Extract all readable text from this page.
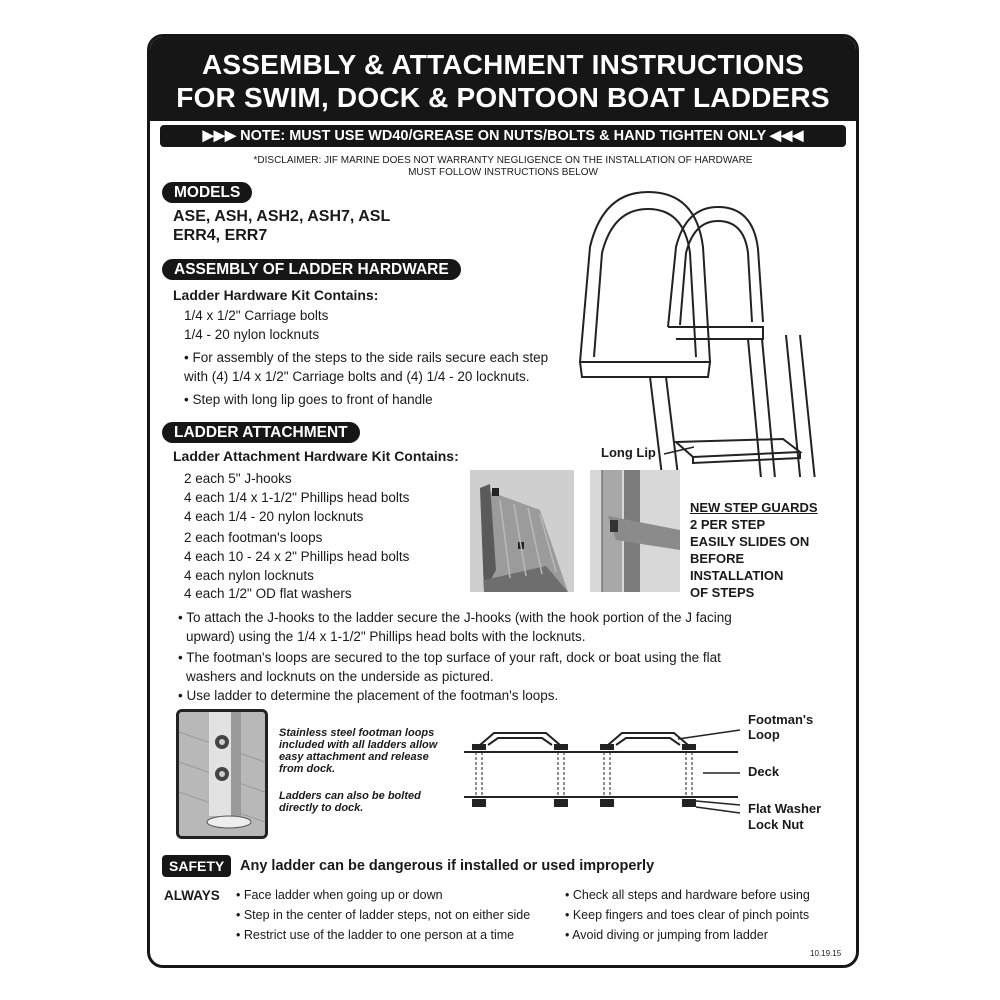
ASSEMBLY & ATTACHMENT INSTRUCTIONS
FOR SWIM, DOCK & PONTOON BOAT LADDERS
▶▶▶ NOTE: MUST USE WD40/GREASE ON NUTS/BOLTS & HAND TIGHTEN ONLY ◀◀◀
*DISCLAIMER: JIF MARINE DOES NOT WARRANTY NEGLIGENCE ON THE INSTALLATION OF HARDWARE
MUST FOLLOW INSTRUCTIONS BELOW
MODELS
ASE, ASH, ASH2, ASH7, ASL
ERR4, ERR7
ASSEMBLY OF LADDER HARDWARE
Ladder Hardware Kit Contains:
1/4 x 1/2" Carriage bolts
1/4 - 20 nylon locknuts
• For assembly of the steps to the side rails secure each step
with (4) 1/4 x 1/2" Carriage bolts and (4) 1/4 - 20 locknuts.
• Step with long lip goes to front of handle
Long Lip
LADDER ATTACHMENT
Ladder Attachment Hardware Kit Contains:
2 each 5" J-hooks
4 each 1/4 x 1-1/2" Phillips head bolts
4 each 1/4 - 20 nylon locknuts
2 each footman's loops
4 each 10 - 24 x 2" Phillips head bolts
4 each nylon locknuts
4 each 1/2" OD flat washers
NEW STEP GUARDS
2 PER STEP
EASILY SLIDES ON
BEFORE
INSTALLATION
OF STEPS
• To attach the J-hooks to the ladder secure the J-hooks (with the hook portion of the J facing
upward) using the 1/4 x 1-1/2" Phillips head bolts with the locknuts.
• The footman's loops are secured to the top surface of your raft, dock or boat using the flat
washers and locknuts on the underside as pictured.
• Use ladder to determine the placement of the footman's loops.
Stainless steel footman loops
included with all ladders allow
easy attachment and release
from dock.
Ladders can also be bolted
directly to dock.
Footman's
Loop
Deck
Flat Washer
Lock Nut
SAFETY	Any ladder can be dangerous if installed or used improperly
ALWAYS • Face ladder when going up or down
• Step in the center of ladder steps, not on either side
• Restrict use of the ladder to one person at a time
• Check all steps and hardware before using
• Keep fingers and toes clear of pinch points
• Avoid diving or jumping from ladder
10.19.15
